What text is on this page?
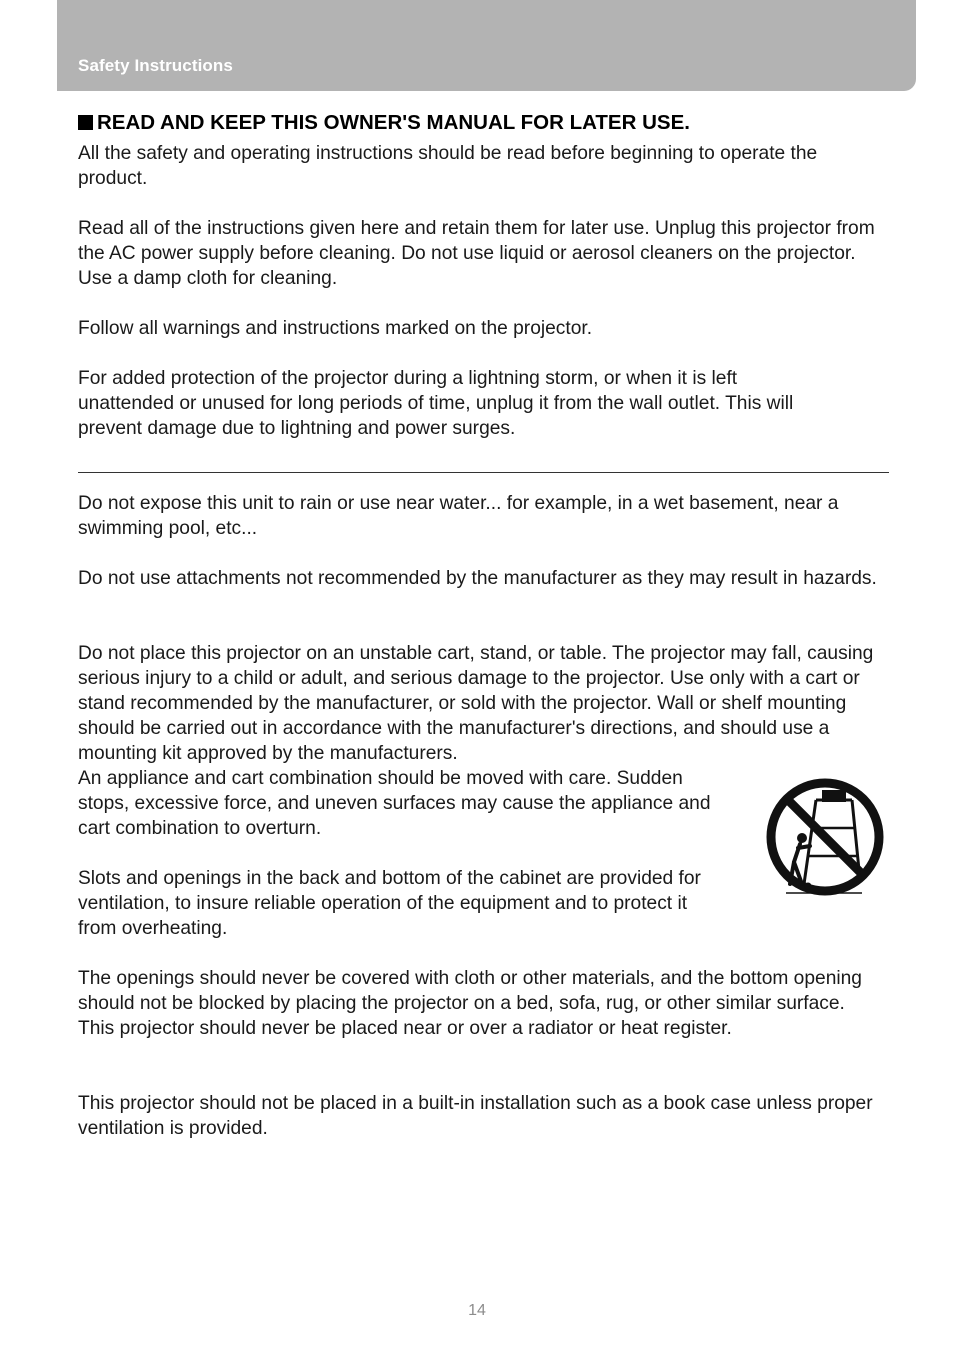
Safety Instructions
READ AND KEEP THIS OWNER'S MANUAL FOR LATER USE.

All the safety and operating instructions should be read before beginning to operate the product.

Read all of the instructions given here and retain them for later use. Unplug this projector from the AC power supply before cleaning. Do not use liquid or aerosol cleaners on the projector. Use a damp cloth for cleaning.

Follow all warnings and instructions marked on the projector.

For added protection of the projector during a lightning storm, or when it is left unattended or unused for long periods of time, unplug it from the wall outlet. This will prevent damage due to lightning and power surges.

Do not expose this unit to rain or use near water... for example, in a wet basement, near a swimming pool, etc...

Do not use attachments not recommended by the manufacturer as they may result in hazards.

Do not place this projector on an unstable cart, stand, or table. The projector may fall, causing serious injury to a child or adult, and serious damage to the projector. Use only with a cart or stand recommended by the manufacturer, or sold with the projector. Wall or shelf mounting should be carried out in accordance with the manufacturer's directions, and should use a mounting kit approved by the manufacturers.

An appliance and cart combination should be moved with care. Sudden stops, excessive force, and uneven surfaces may cause the appliance and cart combination to overturn.

Slots and openings in the back and bottom of the cabinet are provided for ventilation, to insure reliable operation of the equipment and to protect it from overheating.

The openings should never be covered with cloth or other materials, and the bottom opening should not be blocked by placing the projector on a bed, sofa, rug, or other similar surface. This projector should never be placed near or over a radiator or heat register.

This projector should not be placed in a built-in installation such as a book case unless proper ventilation is provided.

14
